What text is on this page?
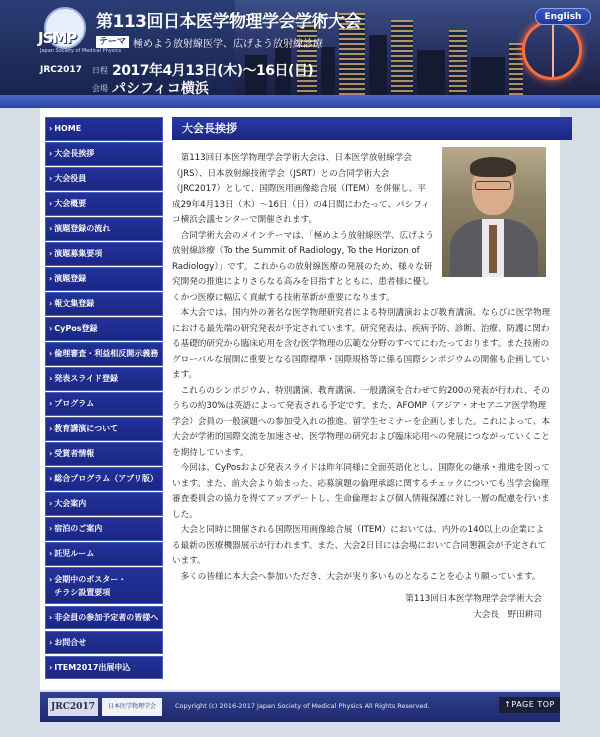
JSMP
Japan Society of Medical Physics
第113回日本医学物理学会学術大会
テーマ 極めよう放射線医学、広げよう放射線診療
JRC2017 日程 2017年4月13日(木)〜16日(日)
会場 パシフィコ横浜
English
› HOME
› 大会長挨拶
› 大会役員
› 大会概要
› 演題登録の流れ
› 演題募集要項
› 演題登録
› 報文集登録
› CyPos登録
› 倫理審査・利益相反開示義務
› 発表スライド登録
› プログラム
› 教育講演について
› 受賞者情報
› 総合プログラム（アプリ版）
› 大会案内
› 宿泊のご案内
› 託児ルーム
› 会期中のポスター・
チラシ設置要項
› 非会員の参加予定者の皆様へ
› お問合せ
› ITEM2017出展申込
大会長挨拶

第113回日本医学物理学会学術大会は、日本医学放射線学会（JRS）、日本放射線技術学会（JSRT）との合同学術大会（JRC2017）として、国際医用画像総合展（ITEM）を併催し、平成29年4月13日（木）〜16日（日）の4日間にわたって、パシフィコ横浜会議センターで開催されます。

合同学術大会のメインテーマは、「極めよう放射線医学、広げよう放射線診療（To the Summit of Radiology, To the Horizon of Radiology）」です。これからの放射線医療の発展のため、様々な研究開発の推進によりさらなる高みを目指すとともに、患者様に優しくかつ医療に幅広く貢献する技術革新が重要になります。

本大会では、国内外の著名な医学物理研究者による特別講演および教育講演、ならびに医学物理における最先端の研究発表が予定されています。研究発表は、疾病予防、診断、治療、防護に関わる基礎的研究から臨床応用を含む医学物理の広範な分野のすべてにわたっております。また技術のグローバルな展開に重要となる国際標準・国際規格等に係る国際シンポジウムの開催も企画しています。

これらのシンポジウム、特別講演、教育講演、一般講演を合わせて約200の発表が行われ、そのうちの約30%は英語によって発表される予定です。また、AFOMP（アジア・オセアニア医学物理学会）会員の一般演題への参加受入れの推進、留学生セミナーを企画しました。これによって、本大会が学術的国際交流を加速させ、医学物理の研究および臨床応用への発展につながっていくことを期待しています。

今回は、CyPosおよび発表スライドは昨年同様に全面英語化とし、国際化の継承・推進を図っています。また、前大会より始まった、応募演題の倫理承認に関するチェックについても当学会倫理審査委員会の協力を得てアップデートし、生命倫理および個人情報保護に対し一層の配慮を行いました。

大会と同時に開催される国際医用画像総合展（ITEM）においては、内外の140以上の企業による最新の医療機器展示が行われます。また、大会2日目には会場において合同懇親会が予定されています。

多くの皆様に本大会へ参加いただき、大会が実り多いものとなることを心より願っています。

第113回日本医学物理学会学術大会
大会長　野田耕司
JRC2017	日本医学物理学会	Copyright (c) 2016-2017 Japan Society of Medical Physics All Rights Reserved.	↑PAGE TOP
